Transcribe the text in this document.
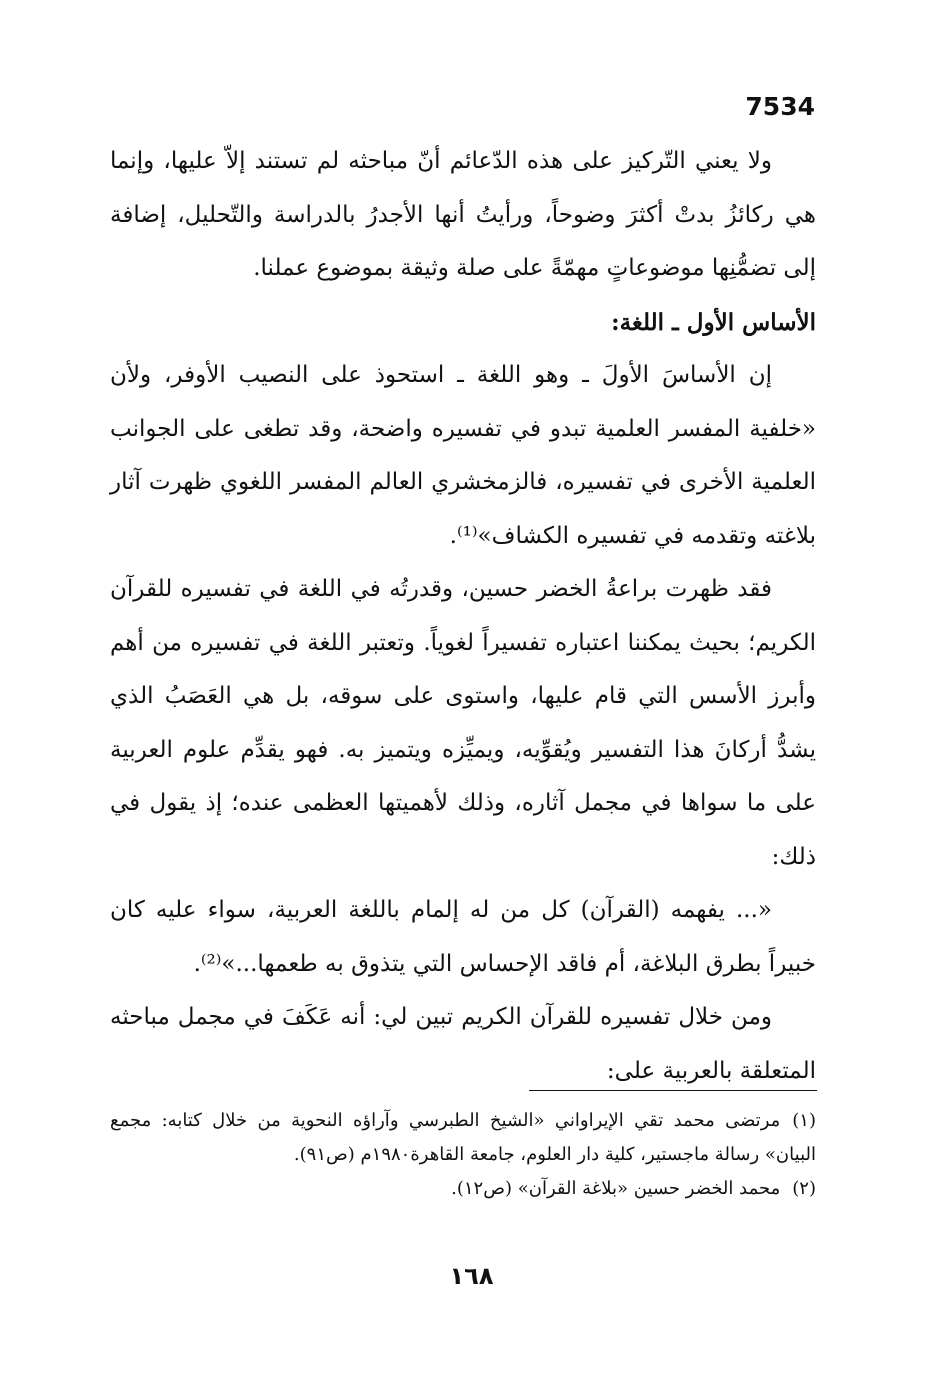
7534

ولا يعني التّركيز على هذه الدّعائم أنّ مباحثه لم تستند إلاّ عليها، وإنما هي ركائزُ بدتْ أكثرَ وضوحاً، ورأيتُ أنها الأجدرُ بالدراسة والتّحليل، إضافة إلى تضمُّنِها موضوعاتٍ مهمّةً على صلة وثيقة بموضوع عملنا.

الأساس الأول ـ اللغة:

إن الأساسَ الأولَ ـ وهو اللغة ـ استحوذ على النصيب الأوفر، ولأن «خلفية المفسر العلمية تبدو في تفسيره واضحة، وقد تطغى على الجوانب العلمية الأخرى في تفسيره، فالزمخشري العالم المفسر اللغوي ظهرت آثار بلاغته وتقدمه في تفسيره الكشاف»⁽¹⁾.

فقد ظهرت براعةُ الخضر حسين، وقدرتُه في اللغة في تفسيره للقرآن الكريم؛ بحيث يمكننا اعتباره تفسيراً لغوياً. وتعتبر اللغة في تفسيره من أهم وأبرز الأسس التي قام عليها، واستوى على سوقه، بل هي العَصَبُ الذي يشدُّ أركانَ هذا التفسير ويُقوِّيه، ويميِّزه ويتميز به. فهو يقدِّم علوم العربية على ما سواها في مجمل آثاره، وذلك لأهميتها العظمى عنده؛ إذ يقول في ذلك:

«... يفهمه (القرآن) كل من له إلمام باللغة العربية، سواء عليه كان خبيراً بطرق البلاغة، أم فاقد الإحساس التي يتذوق به طعمها...»⁽²⁾.

ومن خلال تفسيره للقرآن الكريم تبين لي: أنه عَكَفَ في مجمل مباحثه المتعلقة بالعربية على:

(١)مرتضى محمد تقي الإيراواني «الشيخ الطبرسي وآراؤه النحوية من خلال كتابه: مجمع البيان» رسالة ماجستير، كلية دار العلوم، جامعة القاهرة١٩٨٠م (ص٩١).

(٢)محمد الخضر حسين «بلاغة القرآن» (ص١٢).

١٦٨
